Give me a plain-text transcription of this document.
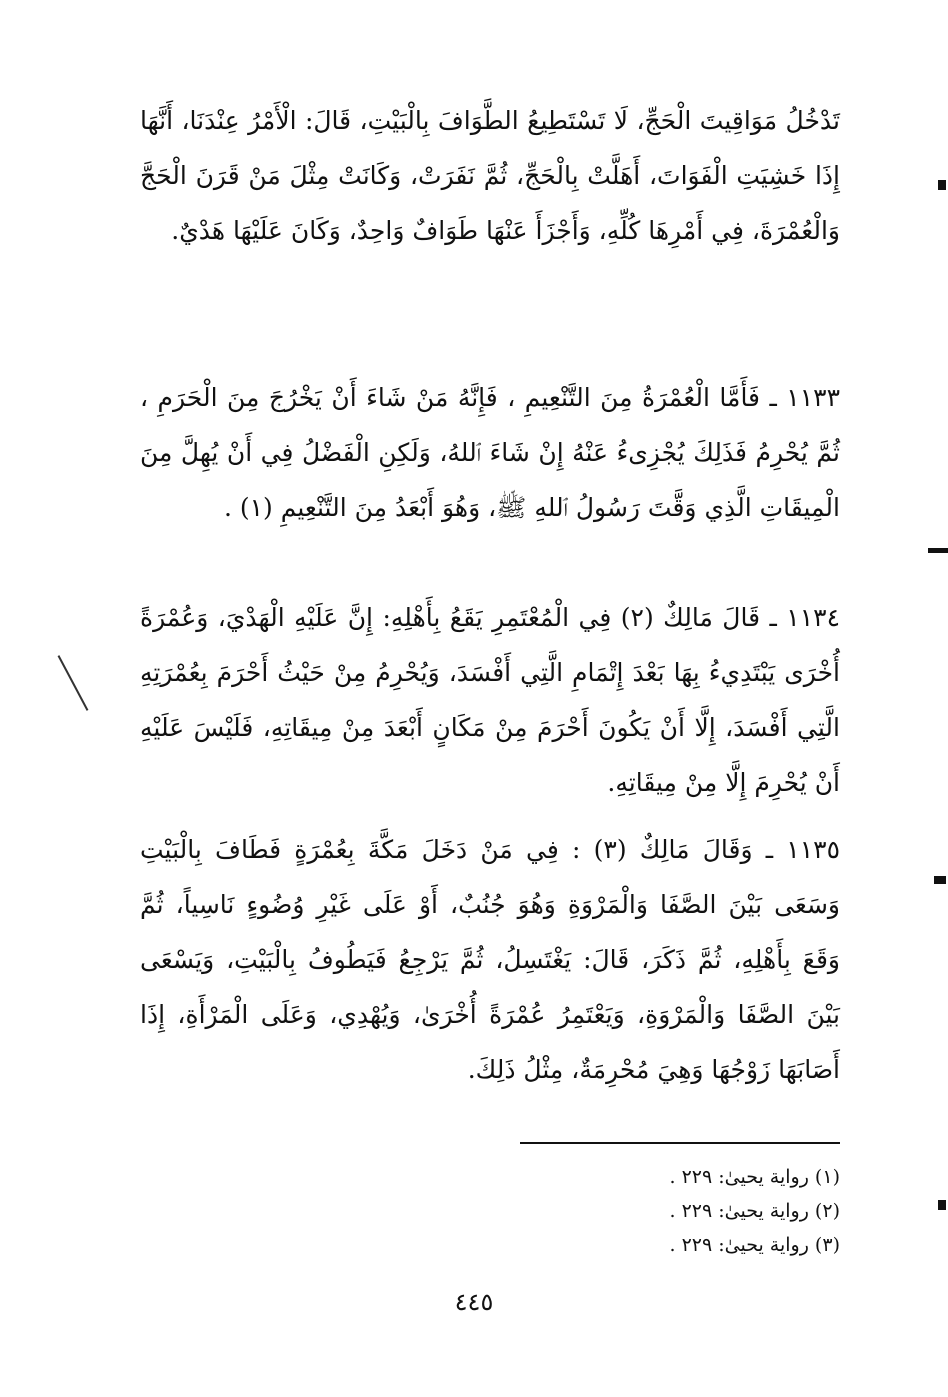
تَدْخُلُ مَوَاقِيتَ الْحَجِّ، لَا تَسْتَطِيعُ الطَّوَافَ بِالْبَيْتِ، قَالَ: الْأَمْرُ عِنْدَنَا، أَنَّهَا إِذَا خَشِيَتِ الْفَوَاتَ، أَهَلَّتْ بِالْحَجِّ، ثُمَّ نَفَرَتْ، وَكَانَتْ مِثْلَ مَنْ قَرَنَ الْحَجَّ وَالْعُمْرَةَ، فِي أَمْرِهَا كُلِّهِ، وَأَجْزَأَ عَنْهَا طَوَافٌ وَاحِدٌ، وَكَانَ عَلَيْهَا هَدْيٌ.

١١٣٣ ـ فَأَمَّا الْعُمْرَةُ مِنَ التَّنْعِيمِ ، فَإِنَّهُ مَنْ شَاءَ أَنْ يَخْرُجَ مِنَ الْحَرَمِ ، ثُمَّ يُحْرِمُ فَذَلِكَ يُجْزِىءُ عَنْهُ إِنْ شَاءَ ٱللهُ، وَلَكِنِ الْفَضْلُ فِي أَنْ يُهِلَّ مِنَ الْمِيقَاتِ الَّذِي وَقَّتَ رَسُولُ ٱللهِ ﷺ، وَهُوَ أَبْعَدُ مِنَ التَّنْعِيمِ (١) .

١١٣٤ ـ قَالَ مَالِكٌ (٢) فِي الْمُعْتَمِرِ يَقَعُ بِأَهْلِهِ: إِنَّ عَلَيْهِ الْهَدْيَ، وَعُمْرَةً أُخْرَى يَبْتَدِيءُ بِهَا بَعْدَ إِتْمَامِ الَّتِي أَفْسَدَ، وَيُحْرِمُ مِنْ حَيْثُ أَحْرَمَ بِعُمْرَتِهِ الَّتِي أَفْسَدَ، إِلَّا أَنْ يَكُونَ أَحْرَمَ مِنْ مَكَانٍ أَبْعَدَ مِنْ مِيقَاتِهِ، فَلَيْسَ عَلَيْهِ أَنْ يُحْرِمَ إِلَّا مِنْ مِيقَاتِهِ.

١١٣٥ ـ وَقَالَ مَالِكٌ (٣) : فِي مَنْ دَخَلَ مَكَّةَ بِعُمْرَةٍ فَطَافَ بِالْبَيْتِ وَسَعَى بَيْنَ الصَّفَا وَالْمَرْوَةِ وَهُوَ جُنُبٌ، أَوْ عَلَى غَيْرِ وُضُوءٍ نَاسِياً، ثُمَّ وَقَعَ بِأَهْلِهِ، ثُمَّ ذَكَرَ، قَالَ: يَغْتَسِلُ، ثُمَّ يَرْجِعُ فَيَطُوفُ بِالْبَيْتِ، وَيَسْعَى بَيْنَ الصَّفَا وَالْمَرْوَةِ، وَيَعْتَمِرُ عُمْرَةً أُخْرَىٰ، وَيُهْدِي، وَعَلَى الْمَرْأَةِ، إِذَا أَصَابَهَا زَوْجُهَا وَهِيَ مُحْرِمَةٌ، مِثْلُ ذَلِكَ.

(١) رواية يحيىٰ: ٢٢٩ .
(٢) رواية يحيىٰ: ٢٢٩ .
(٣) رواية يحيىٰ: ٢٢٩ .
٤٤٥
